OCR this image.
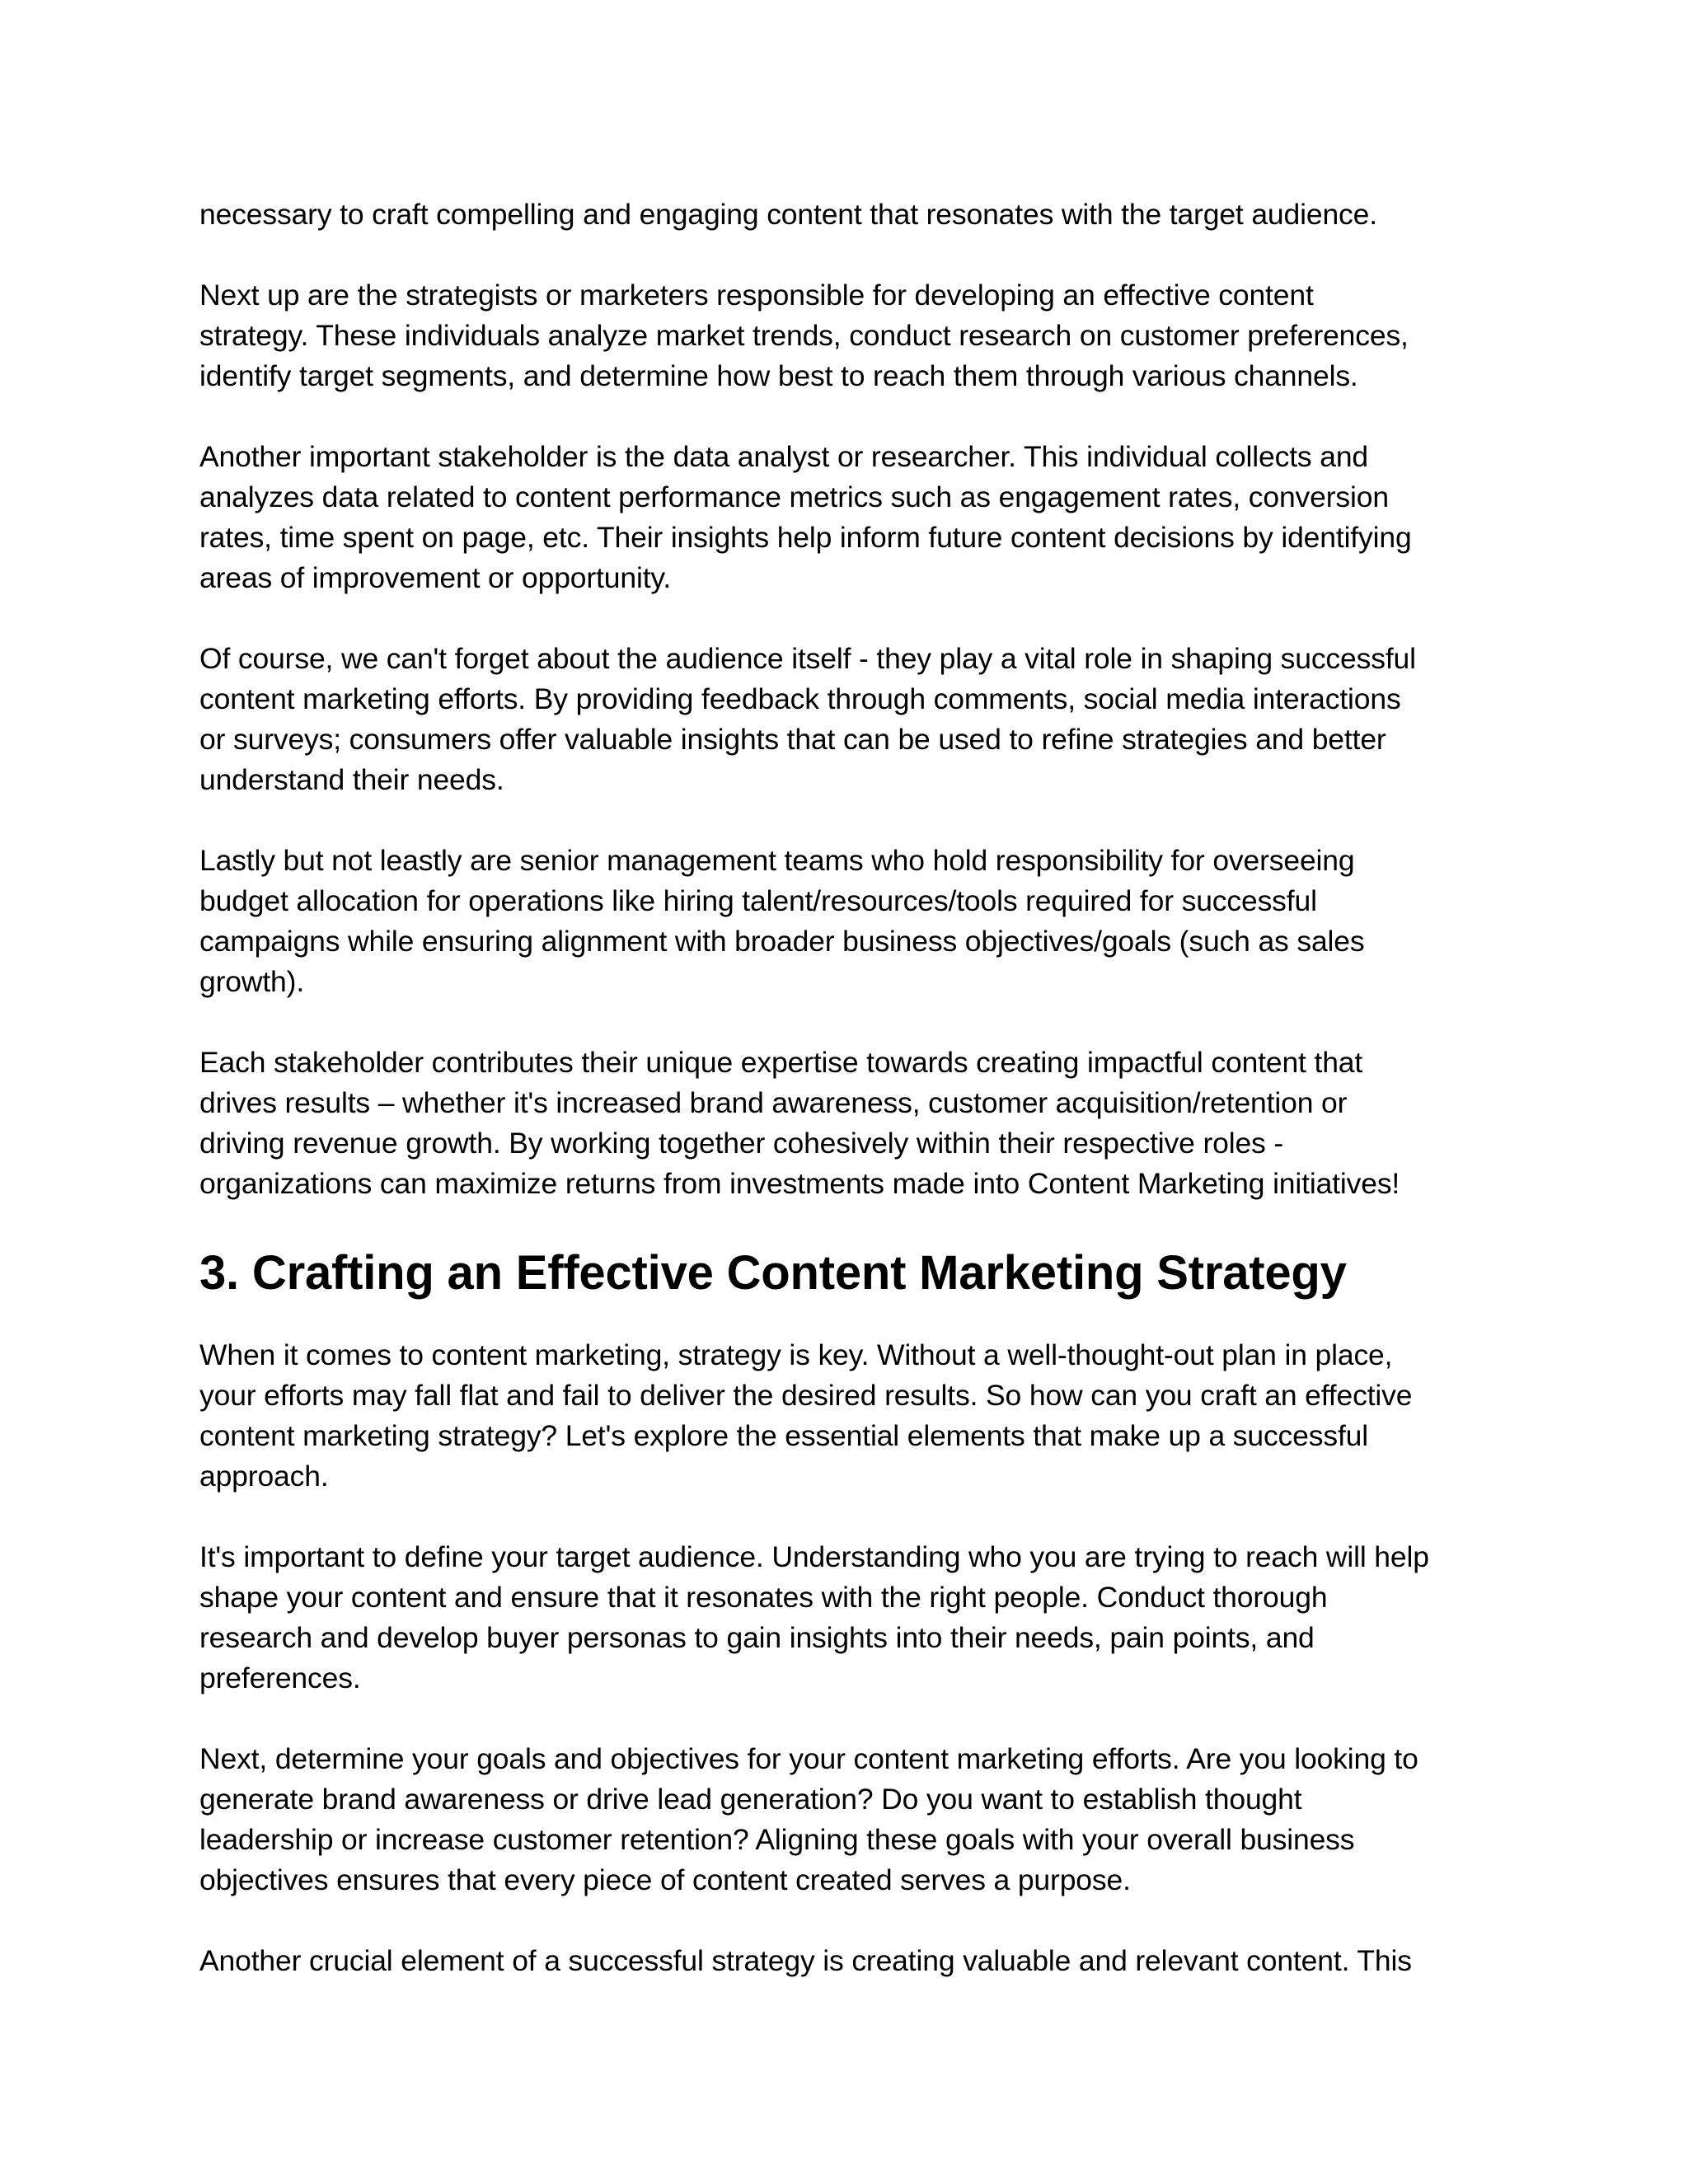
necessary to craft compelling and engaging content that resonates with the target audience.

Next up are the strategists or marketers responsible for developing an effective content
strategy. These individuals analyze market trends, conduct research on customer preferences,
identify target segments, and determine how best to reach them through various channels.

Another important stakeholder is the data analyst or researcher. This individual collects and
analyzes data related to content performance metrics such as engagement rates, conversion
rates, time spent on page, etc. Their insights help inform future content decisions by identifying
areas of improvement or opportunity.

Of course, we can't forget about the audience itself - they play a vital role in shaping successful
content marketing efforts. By providing feedback through comments, social media interactions
or surveys; consumers offer valuable insights that can be used to refine strategies and better
understand their needs.

Lastly but not leastly are senior management teams who hold responsibility for overseeing
budget allocation for operations like hiring talent/resources/tools required for successful
campaigns while ensuring alignment with broader business objectives/goals (such as sales
growth).

Each stakeholder contributes their unique expertise towards creating impactful content that
drives results – whether it's increased brand awareness, customer acquisition/retention or
driving revenue growth. By working together cohesively within their respective roles -
organizations can maximize returns from investments made into Content Marketing initiatives!

3. Crafting an Effective Content Marketing Strategy

When it comes to content marketing, strategy is key. Without a well-thought-out plan in place,
your efforts may fall flat and fail to deliver the desired results. So how can you craft an effective
content marketing strategy? Let's explore the essential elements that make up a successful
approach.

It's important to define your target audience. Understanding who you are trying to reach will help
shape your content and ensure that it resonates with the right people. Conduct thorough
research and develop buyer personas to gain insights into their needs, pain points, and
preferences.

Next, determine your goals and objectives for your content marketing efforts. Are you looking to
generate brand awareness or drive lead generation? Do you want to establish thought
leadership or increase customer retention? Aligning these goals with your overall business
objectives ensures that every piece of content created serves a purpose.

Another crucial element of a successful strategy is creating valuable and relevant content. This
